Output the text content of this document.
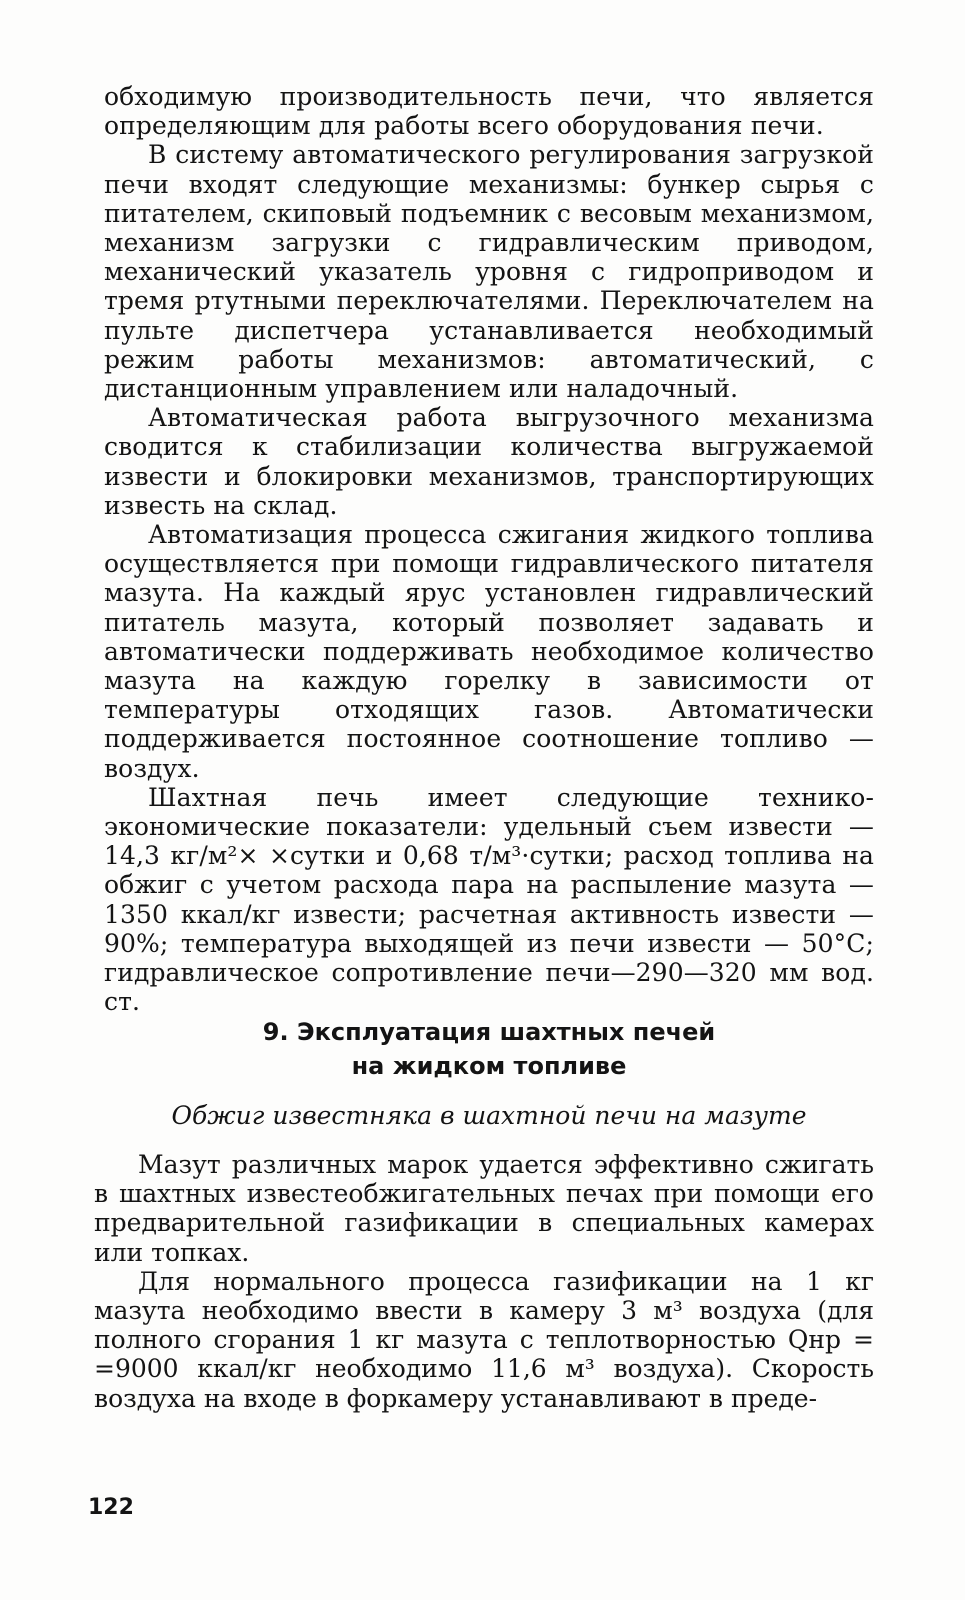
обходимую производительность печи, что является определяющим для работы всего оборудования печи.

В систему автоматического регулирования загрузкой печи входят следующие механизмы: бункер сырья с питателем, скиповый подъемник с весовым механизмом, механизм загрузки с гидравлическим приводом, механический указатель уровня с гидроприводом и тремя ртутными переключателями. Переключателем на пульте диспетчера устанавливается необходимый режим работы механизмов: автоматический, с дистанционным управлением или наладочный.

Автоматическая работа выгрузочного механизма сводится к стабилизации количества выгружаемой извести и блокировки механизмов, транспортирующих известь на склад.

Автоматизация процесса сжигания жидкого топлива осуществляется при помощи гидравлического питателя мазута. На каждый ярус установлен гидравлический питатель мазута, который позволяет задавать и автоматически поддерживать необходимое количество мазута на каждую горелку в зависимости от температуры отходящих газов. Автоматически поддерживается постоянное соотношение топливо — воздух.

Шахтная печь имеет следующие технико-экономические показатели: удельный съем извести — 14,3 кг/м²× ×сутки и 0,68 т/м³·сутки; расход топлива на обжиг с учетом расхода пара на распыление мазута — 1350 ккал/кг извести; расчетная активность извести — 90%; температура выходящей из печи извести — 50°C; гидравлическое сопротивление печи—290—320 мм вод. ст.

9. Эксплуатация шахтных печей
на жидком топливе
Обжиг известняка в шахтной печи на мазуте

Мазут различных марок удается эффективно сжигать в шахтных известеобжигательных печах при помощи его предварительной газификации в специальных камерах или топках.

Для нормального процесса газификации на 1 кг мазута необходимо ввести в камеру 3 м³ воздуха (для полного сгорания 1 кг мазута с теплотворностью Qнр = =9000 ккал/кг необходимо 11,6 м³ воздуха). Скорость воздуха на входе в форкамеру устанавливают в преде-

122
